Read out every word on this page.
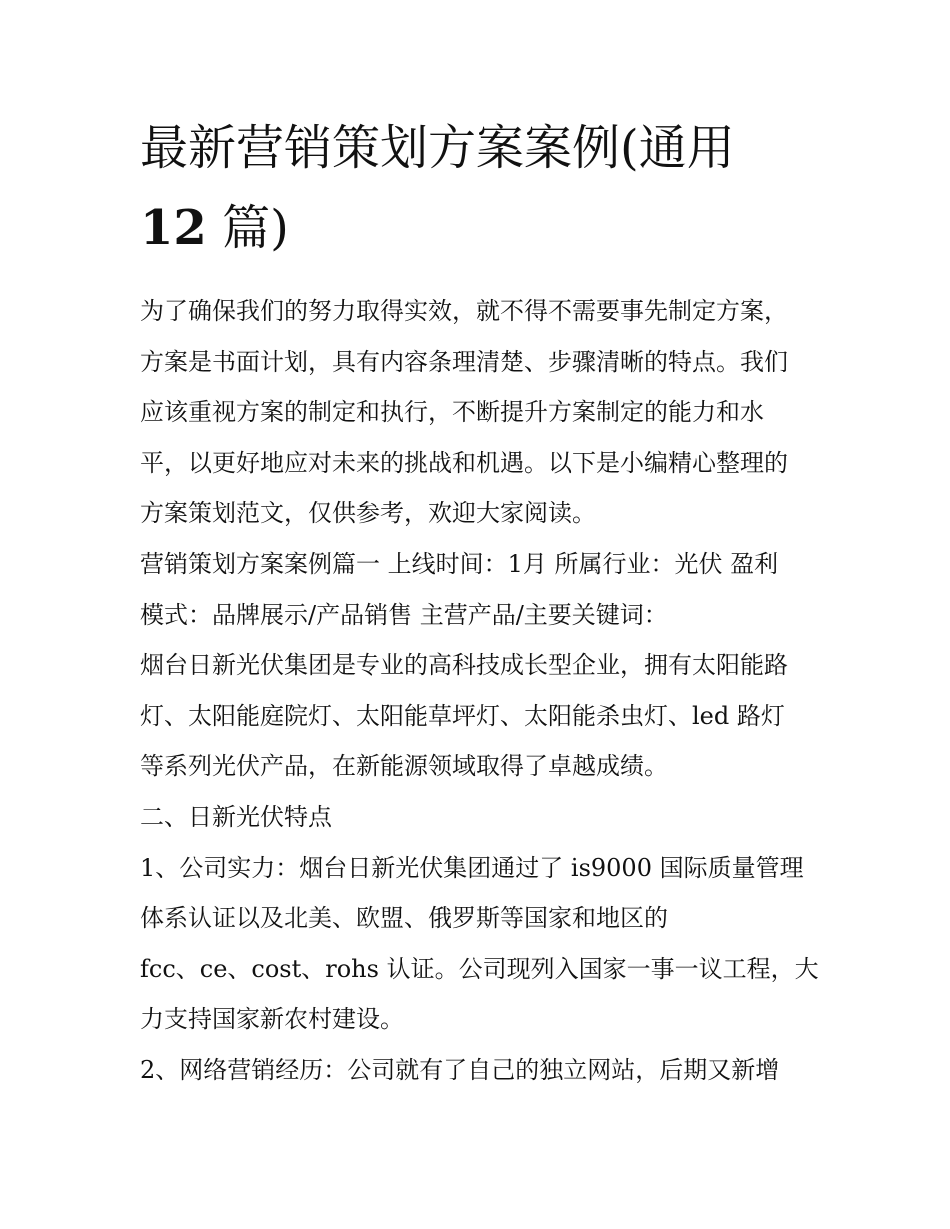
最新营销策划方案案例(通用
12 篇)

为了确保我们的努力取得实效，就不得不需要事先制定方案，
方案是书面计划，具有内容条理清楚、步骤清晰的特点。我们
应该重视方案的制定和执行，不断提升方案制定的能力和水
平，以更好地应对未来的挑战和机遇。以下是小编精心整理的
方案策划范文，仅供参考，欢迎大家阅读。

营销策划方案案例篇一 上线时间：1月 所属行业：光伏 盈利
模式：品牌展示/产品销售 主营产品/主要关键词：

烟台日新光伏集团是专业的高科技成长型企业，拥有太阳能路
灯、太阳能庭院灯、太阳能草坪灯、太阳能杀虫灯、led 路灯
等系列光伏产品，在新能源领域取得了卓越成绩。

二、日新光伏特点

1、公司实力：烟台日新光伏集团通过了 is9000 国际质量管理
体系认证以及北美、欧盟、俄罗斯等国家和地区的
fcc、ce、cost、rohs 认证。公司现列入国家一事一议工程，大
力支持国家新农村建设。

2、网络营销经历：公司就有了自己的独立网站，后期又新增
